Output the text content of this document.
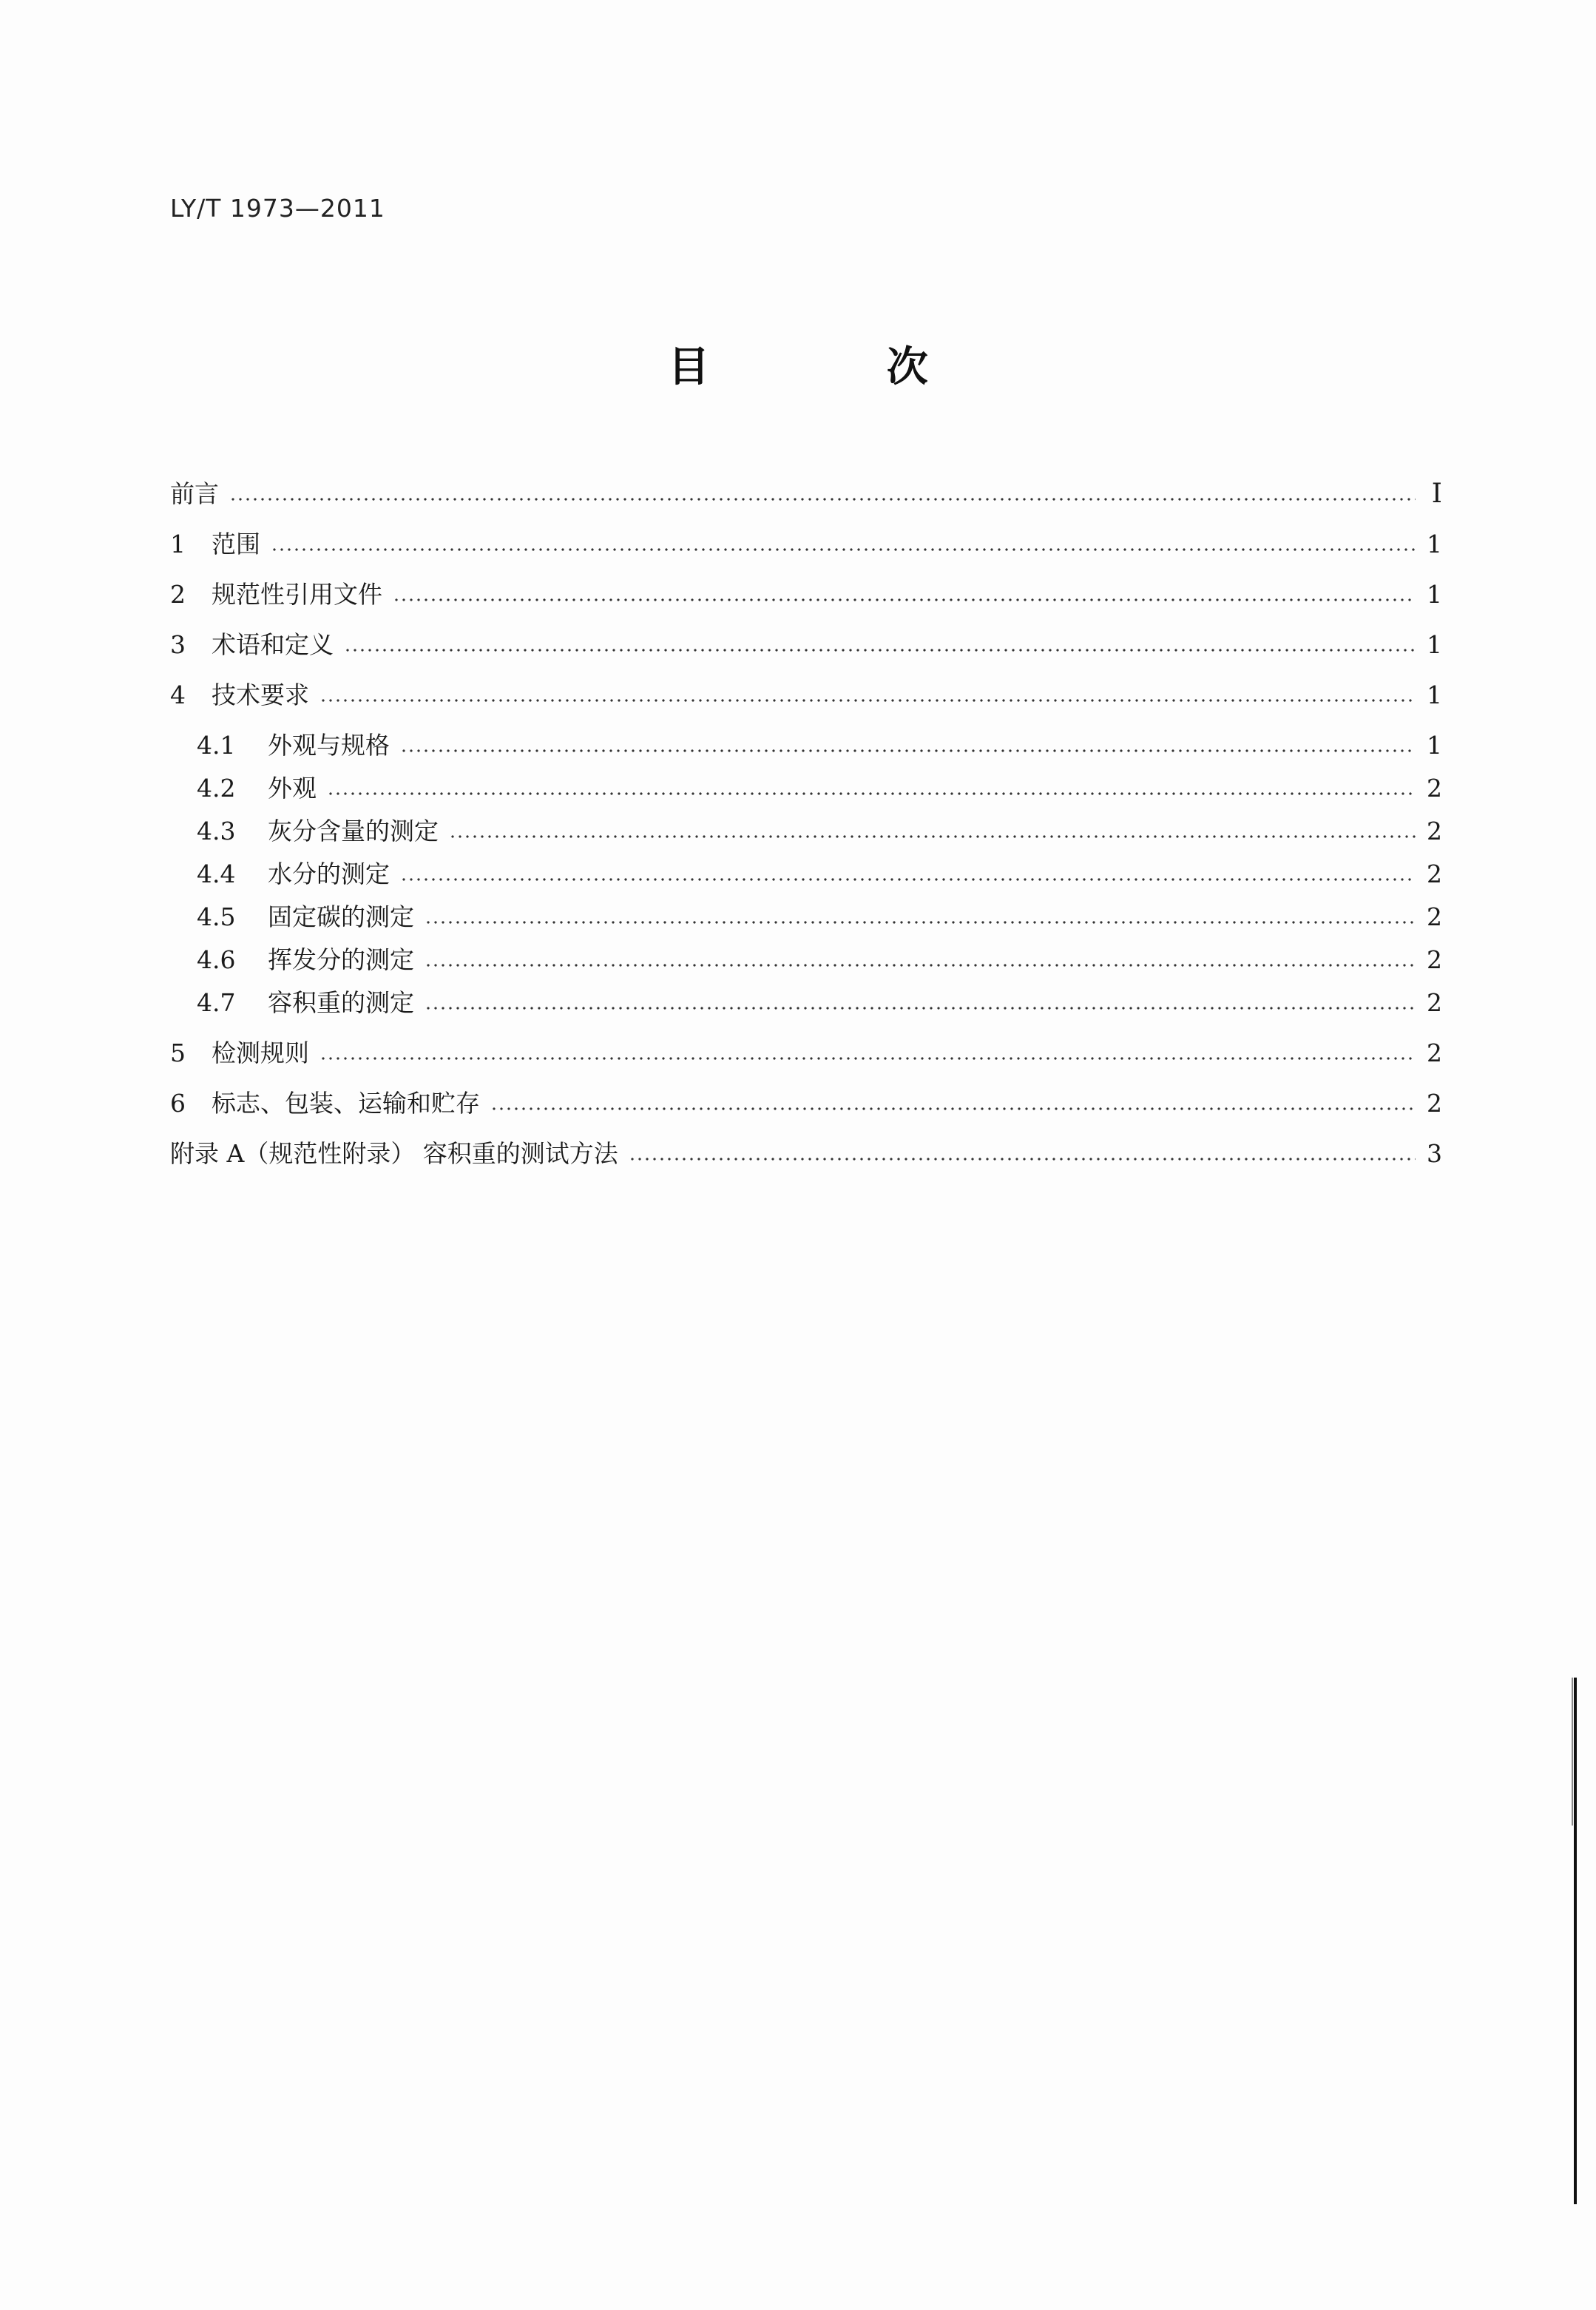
LY/T 1973—2011
目 次
前言	I
1	范围	1
2	规范性引用文件	1
3	术语和定义	1
4	技术要求	1
4.1	外观与规格	1
4.2	外观	2
4.3	灰分含量的测定	2
4.4	水分的测定	2
4.5	固定碳的测定	2
4.6	挥发分的测定	2
4.7	容积重的测定	2
5	检测规则	2
6	标志、包装、运输和贮存	2
附录 A（规范性附录） 容积重的测试方法	3
